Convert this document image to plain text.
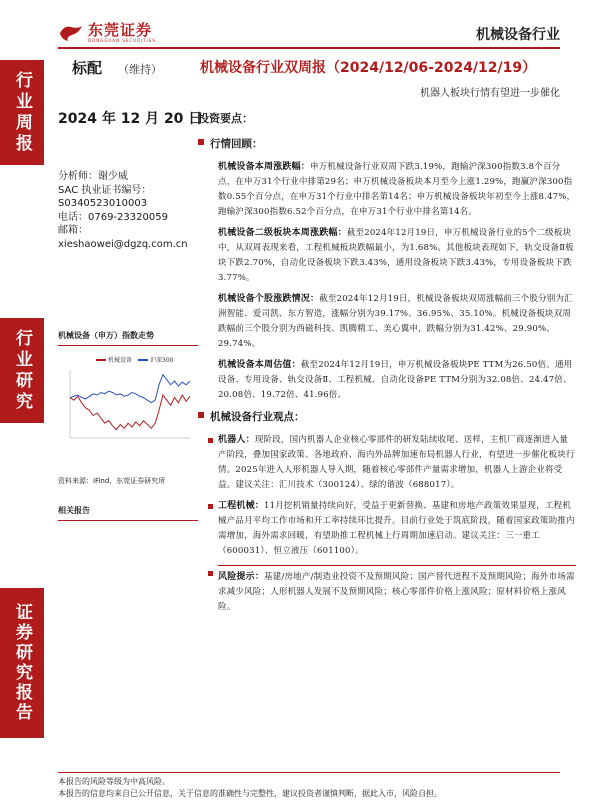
东莞证券
DONGGUAN SECURITIES	机械设备行业
行业周报
行业研究
证券研究报告
标配 （维持）	机械设备行业双周报（2024/12/06-2024/12/19）
机器人板块行情有望进一步催化
2024 年 12 月 20 日
分析师：谢少威
SAC 执业证书编号：
S0340523010003
电话：0769-23320059
邮箱：
xieshaowei@dgzq.com.cn
机械设备（申万）指数走势
机械设备	沪深300
资料来源：iFind，东莞证券研究所
相关报告
投资要点：
行情回顾：
机械设备本周涨跌幅：申万机械设备行业双周下跌3.19%，跑输沪深300指数3.8个百分点，在申万31个行业中排第29名；申万机械设备板块本月至今上涨1.29%，跑赢沪深300指数0.55个百分点，在申万31个行业中排名第14名；申万机械设备板块年初至今上涨8.47%，跑输沪深300指数6.52个百分点，在申万31个行业中排名第14名。
机械设备二级板块本周涨跌幅：截至2024年12月19日，申万机械设备行业的5个二级板块中，从双周表现来看，工程机械板块跌幅最小，为1.68%。其他板块表现如下，轨交设备Ⅱ板块下跌2.70%，自动化设备板块下跌3.43%，通用设备板块下跌3.43%，专用设备板块下跌3.77%。
机械设备个股涨跌情况：截至2024年12月19日，机械设备板块双周涨幅前三个股分别为汇洲智能、爱司凯、东方智造，涨幅分别为39.17%、36.95%、35.10%。机械设备板块双周跌幅前三个股分别为西磁科技、凯腾精工、美心翼申，跌幅分别为31.42%、29.90%、29.74%。
机械设备本周估值：截至2024年12月19日，申万机械设备板块PE TTM为26.50倍。通用设备、专用设备、轨交设备Ⅱ、工程机械、自动化设备PE TTM分别为32.08倍、24.47倍、20.08倍、19.72倍、41.96倍。
机械设备行业观点：
机器人：现阶段，国内机器人企业核心零部件的研发陆续收尾、送样，主机厂商逐渐进入量产阶段，叠加国家政策、各地政府、海内外品牌加速布局机器人行业，有望进一步催化板块行情。2025年进入人形机器人导入期，随着核心零部件产量需求增加，机器人上游企业将受益。建议关注：汇川技术（300124）、绿的谐波（688017）。
工程机械：11月挖机销量持续向好，受益于更新替换、基建和房地产政策效果显现，工程机械产品月平均工作市场和开工率持续环比提升。目前行业处于筑底阶段，随着国家政策助推内需增加，海外需求回暖，有望助推工程机械上行周期加速启动。建议关注：三一重工（600031）、恒立液压（601100）。
风险提示：基建/房地产/制造业投资不及预期风险；国产替代进程不及预期风险；海外市场需求减少风险；人形机器人发展不及预期风险；核心零部件价格上涨风险；原材料价格上涨风险。
本报告的风险等级为中高风险。
本报告的信息均来自已公开信息，关于信息的准确性与完整性，建议投资者谨慎判断，据此入市，风险自担。
